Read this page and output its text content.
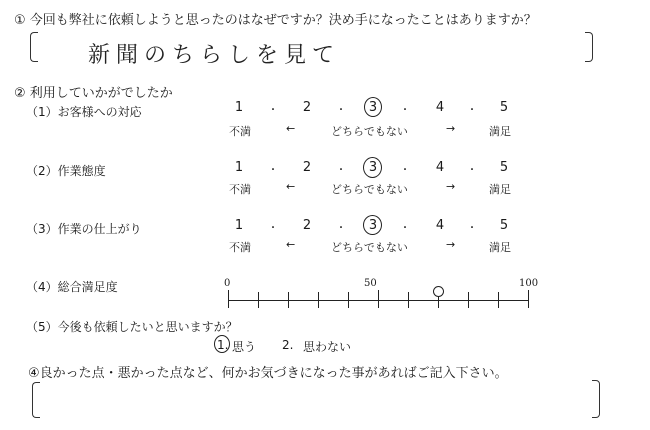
① 今回も弊社に依頼しようと思ったのはなぜですか？決め手になったことはありますか？
新聞のちらしを見て
② 利用していかがでしたか
（1）お客様への対応	1 ・ 2 ・ 3 ・ 4 ・ 5
不満	←	どちらでもない	→	満足
（2）作業態度	1 ・ 2 ・ 3 ・ 4 ・ 5
不満	←	どちらでもない	→	満足
（3）作業の仕上がり	1 ・ 2 ・ 3 ・ 4 ・ 5
不満	←	どちらでもない	→	満足
（4）総合満足度	0	50	100
（5）今後も依頼したいと思いますか？
1. 思う 2. 思わない
④良かった点・悪かった点など、何かお気づきになった事があればご記入下さい。
